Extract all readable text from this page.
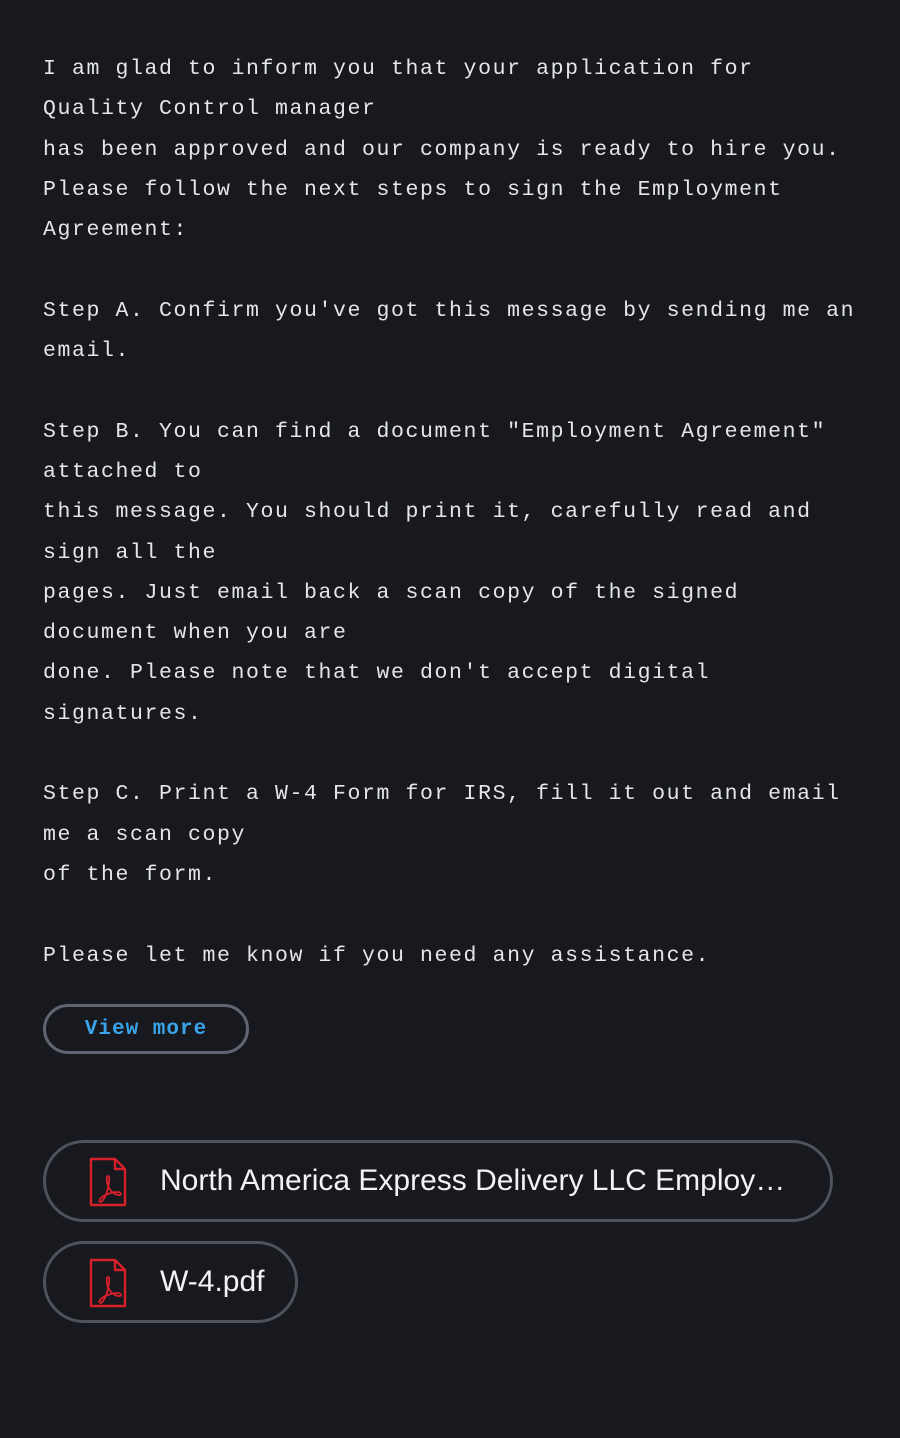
I am glad to inform you that your application for
Quality Control manager
has been approved and our company is ready to hire you.
Please follow the next steps to sign the Employment
Agreement:
Step A. Confirm you've got this message by sending me an
email.
Step B. You can find a document "Employment Agreement"
attached to
this message. You should print it, carefully read and
sign all the
pages. Just email back a scan copy of the signed
document when you are
done. Please note that we don't accept digital
signatures.
Step C. Print a W-4 Form for IRS, fill it out and email
me a scan copy
of the form.
Please let me know if you need any assistance.
View more
North America Express Delivery LLC Employ…
W-4.pdf
